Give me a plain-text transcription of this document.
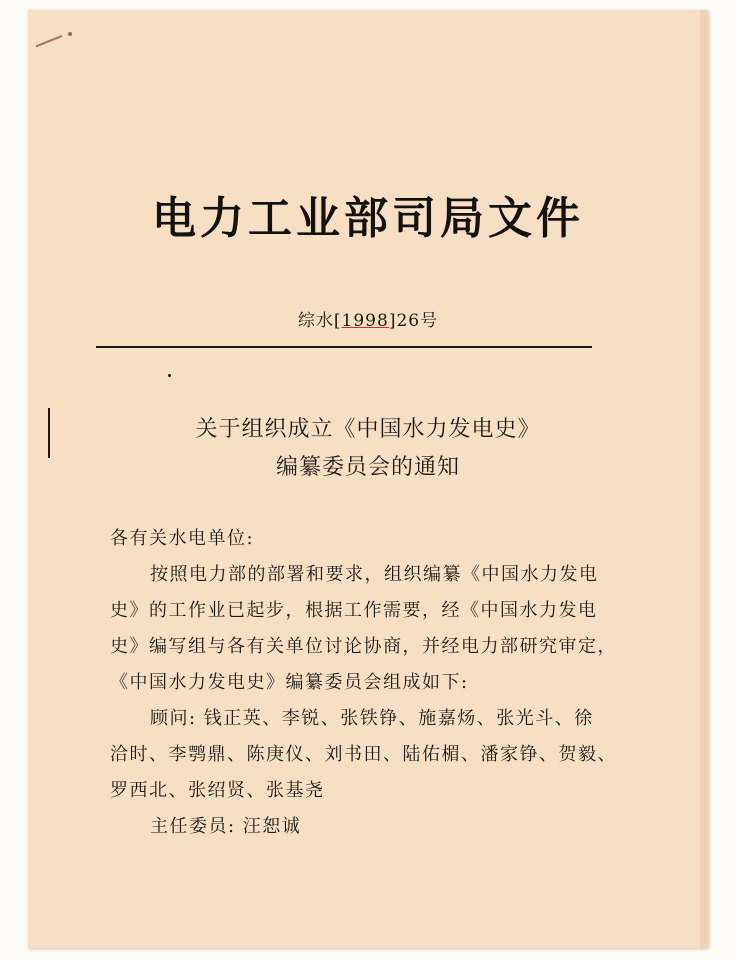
电力工业部司局文件
综水[1998]26号
关于组织成立《中国水力发电史》
编纂委员会的通知
各有关水电单位:
按照电力部的部署和要求，组织编纂《中国水力发电
史》的工作业已起步，根据工作需要，经《中国水力发电
史》编写组与各有关单位讨论协商，并经电力部研究审定，
《中国水力发电史》编纂委员会组成如下:
顾问: 钱正英、李锐、张铁铮、施嘉炀、张光斗、徐
洽时、李鹗鼎、陈庚仪、刘书田、陆佑楣、潘家铮、贺毅、
罗西北、张绍贤、张基尧
主任委员: 汪恕诚
